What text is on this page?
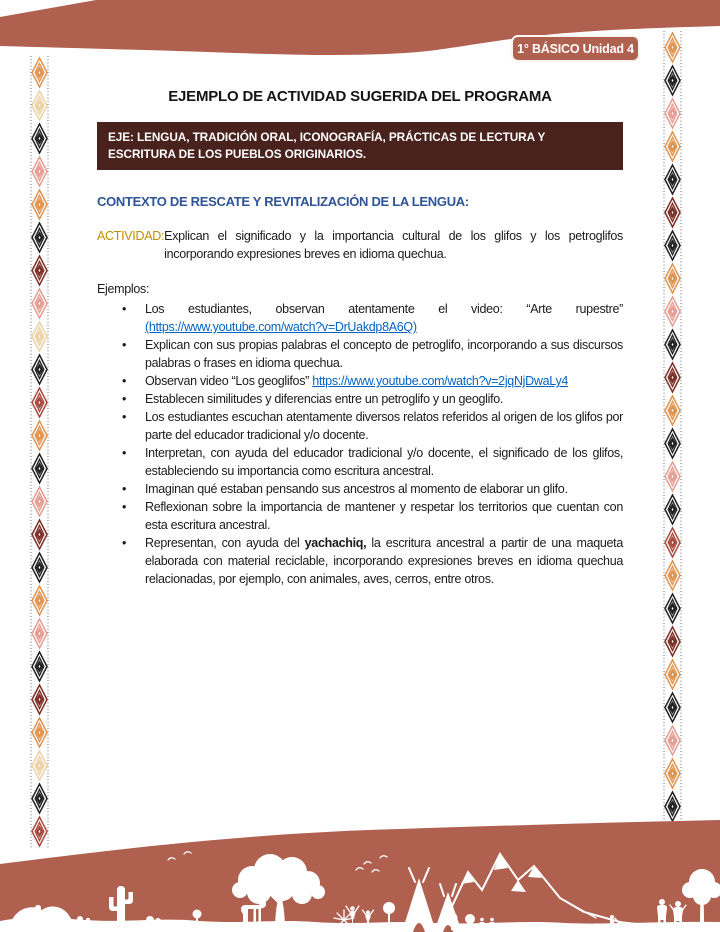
1° BÁSICO Unidad 4
EJEMPLO DE ACTIVIDAD SUGERIDA DEL PROGRAMA
EJE: LENGUA, TRADICIÓN ORAL, ICONOGRAFÍA, PRÁCTICAS DE LECTURA Y ESCRITURA DE LOS PUEBLOS ORIGINARIOS.
CONTEXTO DE RESCATE Y REVITALIZACIÓN DE LA LENGUA:
ACTIVIDAD: Explican el significado y la importancia cultural de los glifos y los petroglifos incorporando expresiones breves en idioma quechua.
Ejemplos:
•	Los estudiantes, observan atentamente el video: “Arte rupestre” (https://www.youtube.com/watch?v=DrUakdp8A6Q)
•	Explican con sus propias palabras el concepto de petroglifo, incorporando a sus discursos palabras o frases en idioma quechua.
•	Observan video “Los geoglifos” https://www.youtube.com/watch?v=2jqNjDwaLy4
•	Establecen similitudes y diferencias entre un petroglifo y un geoglifo.
•	Los estudiantes escuchan atentamente diversos relatos referidos al origen de los glifos por parte del educador tradicional y/o docente.
•	Interpretan, con ayuda del educador tradicional y/o docente, el significado de los glifos, estableciendo su importancia como escritura ancestral.
•	Imaginan qué estaban pensando sus ancestros al momento de elaborar un glifo.
•	Reflexionan sobre la importancia de mantener y respetar los territorios que cuentan con esta escritura ancestral.
•	Representan, con ayuda del yachachiq, la escritura ancestral a partir de una maqueta elaborada con material reciclable, incorporando expresiones breves en idioma quechua relacionadas, por ejemplo, con animales, aves, cerros, entre otros.
